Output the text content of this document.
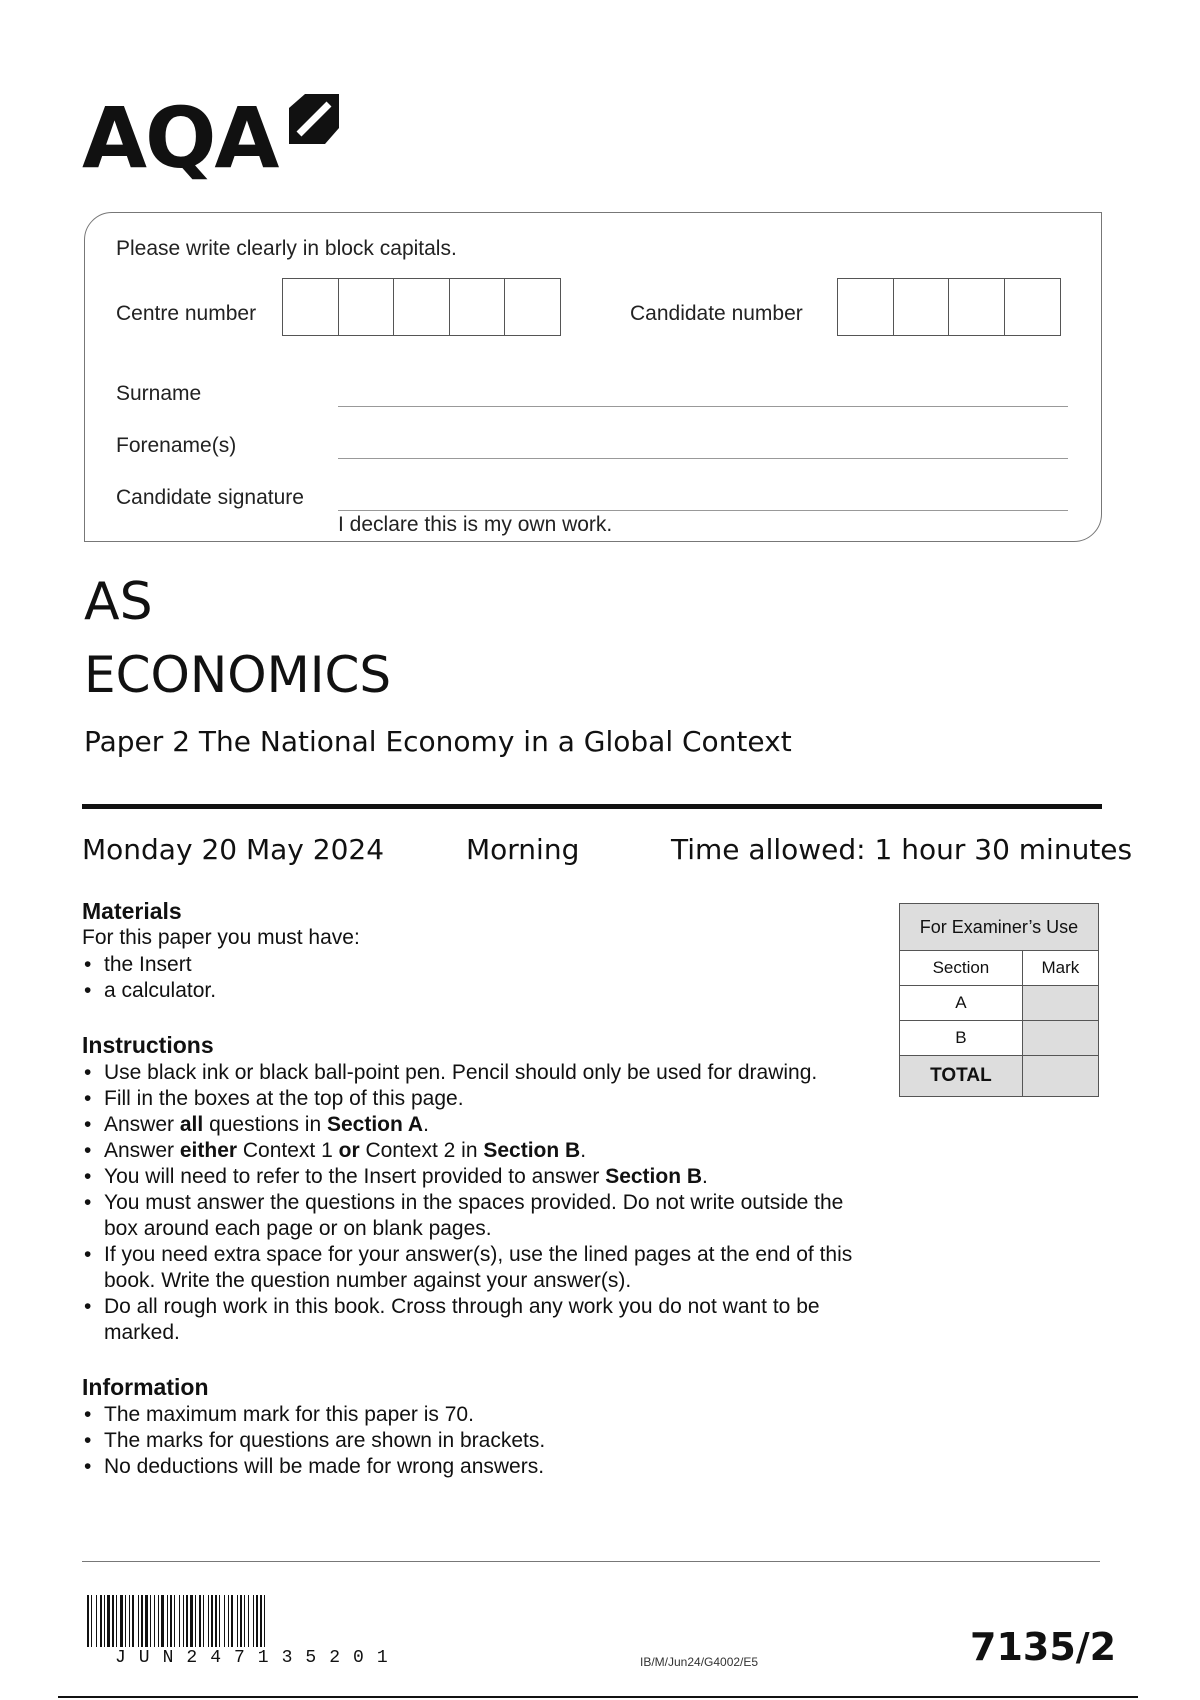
AQA
Please write clearly in block capitals.
Centre number	Candidate number
Surname
Forename(s)
Candidate signature
I declare this is my own work.
AS
ECONOMICS
Paper 2 The National Economy in a Global Context
Monday 20 May 2024	Morning	Time allowed: 1 hour 30 minutes
Materials
For this paper you must have:
• the Insert
• a calculator.
Instructions
• Use black ink or black ball-point pen. Pencil should only be used for drawing.
• Fill in the boxes at the top of this page.
• Answer all questions in Section A.
• Answer either Context 1 or Context 2 in Section B.
• You will need to refer to the Insert provided to answer Section B.
• You must answer the questions in the spaces provided. Do not write outside the box around each page or on blank pages.
• If you need extra space for your answer(s), use the lined pages at the end of this book. Write the question number against your answer(s).
• Do all rough work in this book. Cross through any work you do not want to be marked.
Information
• The maximum mark for this paper is 70.
• The marks for questions are shown in brackets.
• No deductions will be made for wrong answers.
For Examiner’s Use	
Section	Mark
A	
B	
TOTAL	
JUN247135201	IB/M/Jun24/G4002/E5	7135/2
